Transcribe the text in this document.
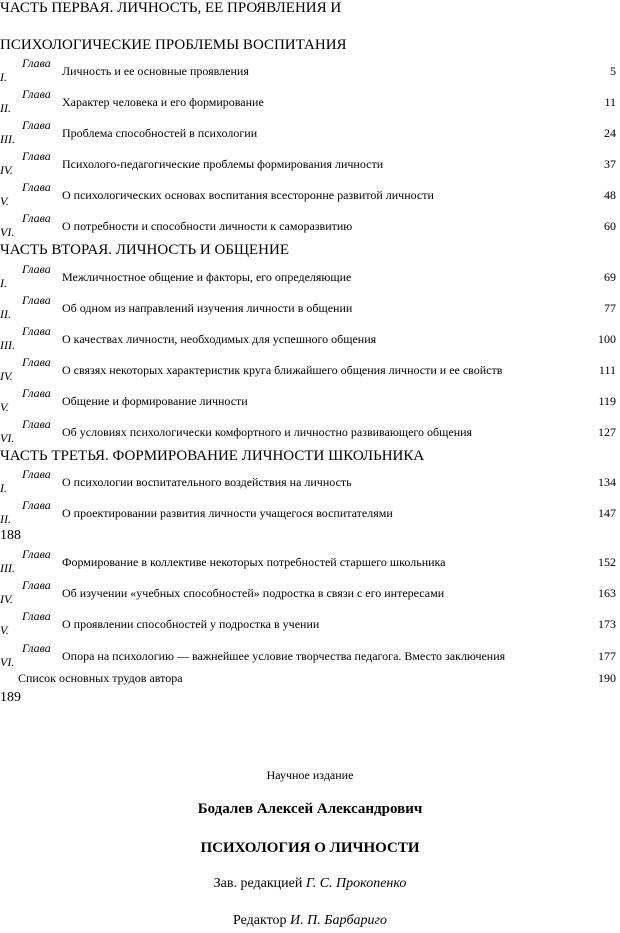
ЧАСТЬ ПЕРВАЯ. ЛИЧНОСТЬ, ЕЕ ПРОЯВЛЕНИЯ И
ПСИХОЛОГИЧЕСКИЕ ПРОБЛЕМЫ ВОСПИТАНИЯ
Глава
I.	Личность и ее основные проявления	5
Глава
II.	Характер человека и его формирование	11
Глава
III.	Проблема способностей в психологии	24
Глава
IV.	Психолого-педагогические проблемы формирования личности	37
Глава
V.	О психологических основах воспитания всесторонне развитой личности	48
Глава
VI.	О потребности и способности личности к саморазвитию	60
ЧАСТЬ ВТОРАЯ. ЛИЧНОСТЬ И ОБЩЕНИЕ
Глава
I.	Межличностное общение и факторы, его определяющие	69
Глава
II.	Об одном из направлений изучения личности в общении	77
Глава
III.	О качествах личности, необходимых для успешного общения	100
Глава
IV.	О связях некоторых характеристик круга ближайшего общения личности и ее свойств	111
Глава
V.	Общение и формирование личности	119
Глава
VI.	Об условиях психологически комфортного и личностно развивающего общения	127
ЧАСТЬ ТРЕТЬЯ. ФОРМИРОВАНИЕ ЛИЧНОСТИ ШКОЛЬНИКА
Глава
I.	О психологии воспитательного воздействия на личность	134
Глава
II.	О проектировании развития личности учащегося воспитателями	147
188
Глава
III.	Формирование в коллективе некоторых потребностей старшего школьника	152
Глава
IV.	Об изучении «учебных способностей» подростка в связи с его интересами	163
Глава
V.	О проявлении способностей у подростка в учении	173
Глава
VI.	Опора на психологию — важнейшее условие творчества педагога. Вместо заключения	177
Список основных трудов автора	190
189
Научное издание
Бодалев Алексей Александрович
ПСИХОЛОГИЯ О ЛИЧНОСТИ
Зав. редакцией Г. С. Прокопенко
Редактор И. П. Барбариго
